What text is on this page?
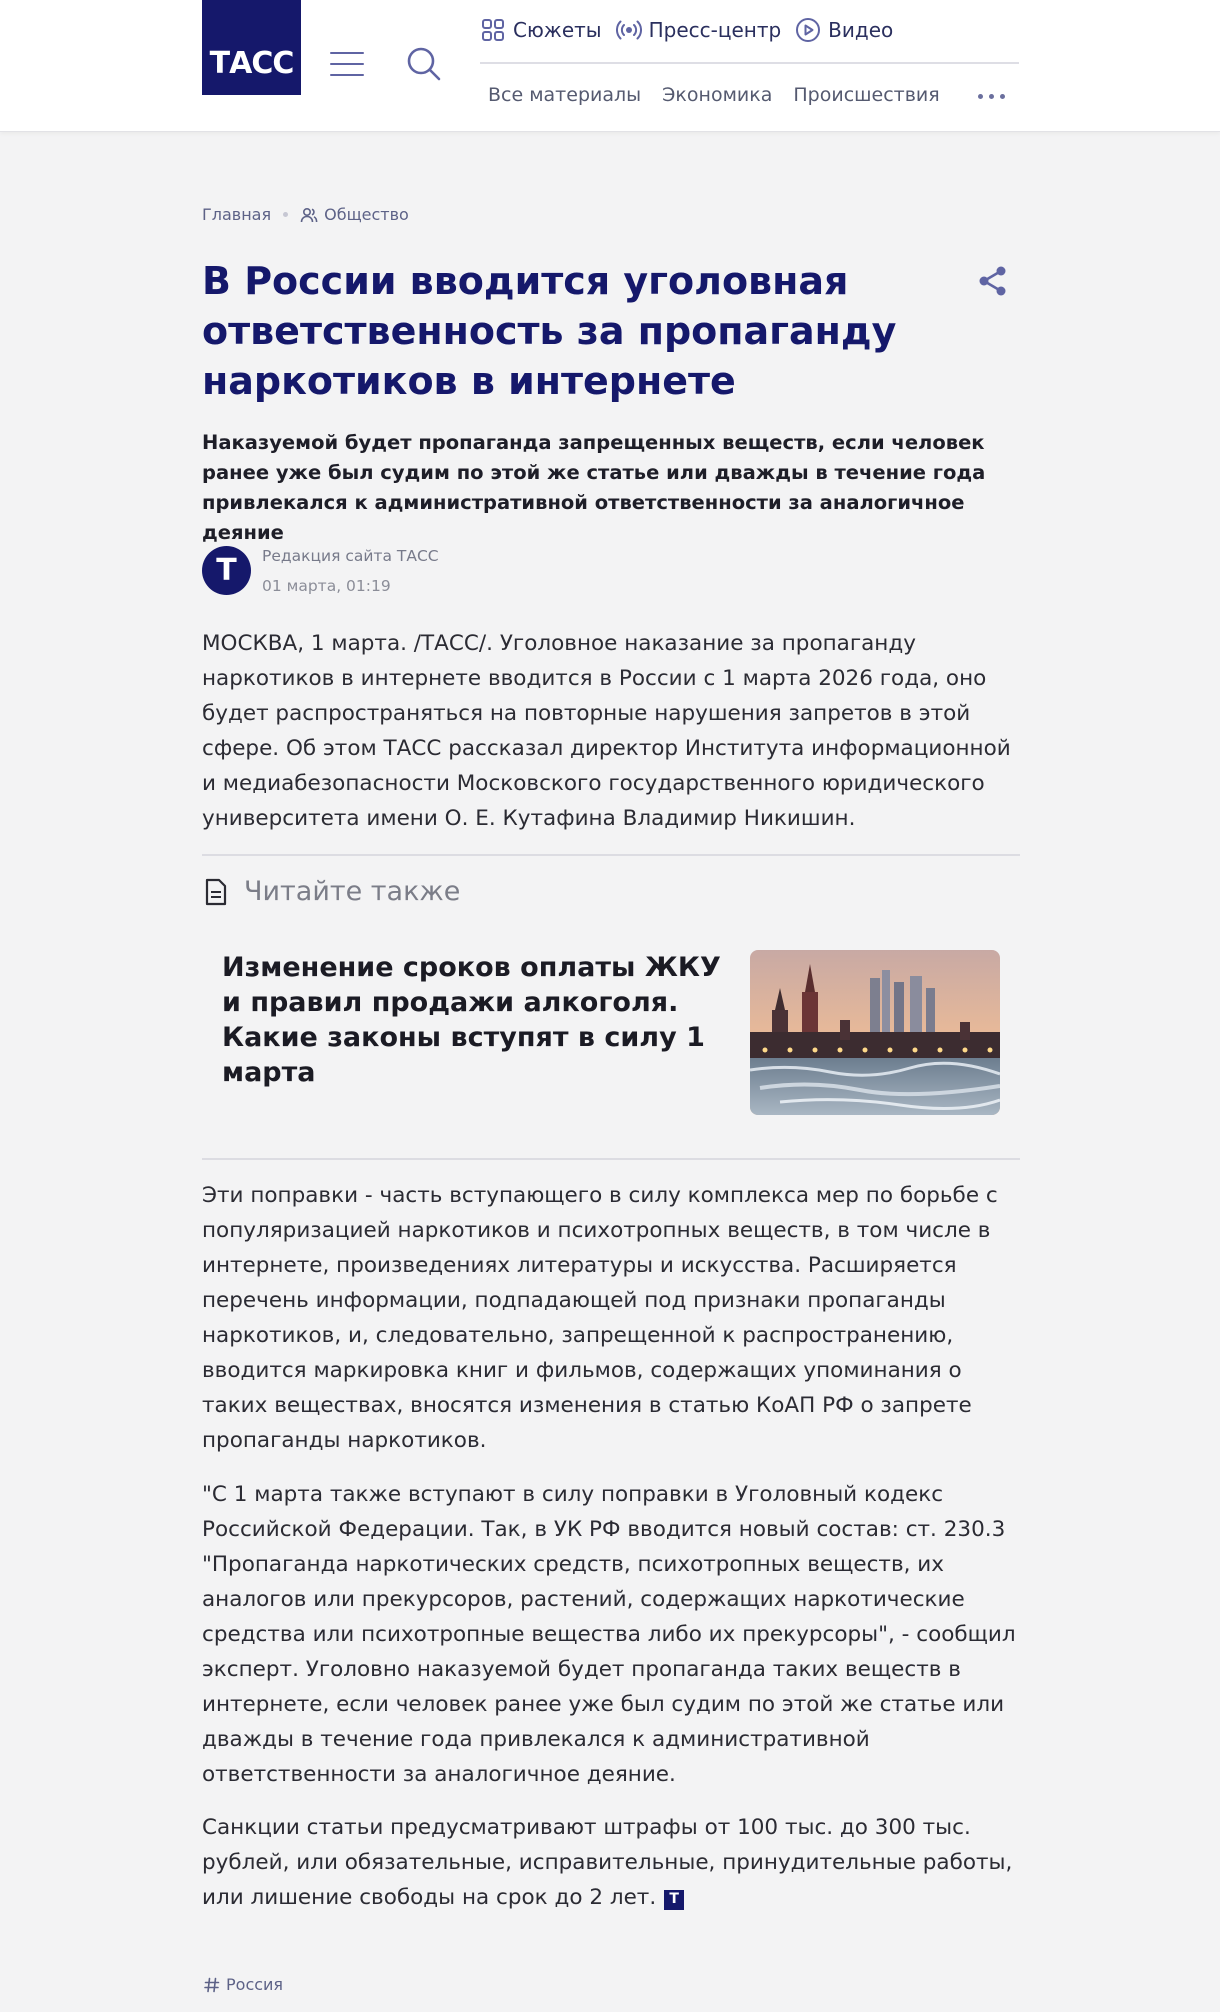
ТАСС
Сюжеты Пресс-центр Видео
Все материалы Экономика Происшествия
Главная	Общество
В России вводится уголовная ответственность за пропаганду наркотиков в интернете

Наказуемой будет пропаганда запрещенных веществ, если человек ранее уже был судим по этой же статье или дважды в течение года привлекался к административной ответственности за аналогичное деяние

Т	Редакция сайта ТАСС
01 марта, 01:19

МОСКВА, 1 марта. /ТАСС/. Уголовное наказание за пропаганду наркотиков в интернете вводится в России с 1 марта 2026 года, оно будет распространяться на повторные нарушения запретов в этой сфере. Об этом ТАСС рассказал директор Института информационной и медиабезопасности Московского государственного юридического университета имени О. Е. Кутафина Владимир Никишин.

Читайте также
Изменение сроков оплаты ЖКУ и правил продажи алкоголя. Какие законы вступят в силу 1 марта

Эти поправки - часть вступающего в силу комплекса мер по борьбе с популяризацией наркотиков и психотропных веществ, в том числе в интернете, произведениях литературы и искусства. Расширяется перечень информации, подпадающей под признаки пропаганды наркотиков, и, следовательно, запрещенной к распространению, вводится маркировка книг и фильмов, содержащих упоминания о таких веществах, вносятся изменения в статью КоАП РФ о запрете пропаганды наркотиков.

"С 1 марта также вступают в силу поправки в Уголовный кодекс Российской Федерации. Так, в УК РФ вводится новый состав: ст. 230.3 "Пропаганда наркотических средств, психотропных веществ, их аналогов или прекурсоров, растений, содержащих наркотические средства или психотропные вещества либо их прекурсоры", - сообщил эксперт. Уголовно наказуемой будет пропаганда таких веществ в интернете, если человек ранее уже был судим по этой же статье или дважды в течение года привлекался к административной ответственности за аналогичное деяние.

Санкции статьи предусматривают штрафы от 100 тыс. до 300 тыс. рублей, или обязательные, исправительные, принудительные работы, или лишение свободы на срок до 2 лет. Т

Россия
